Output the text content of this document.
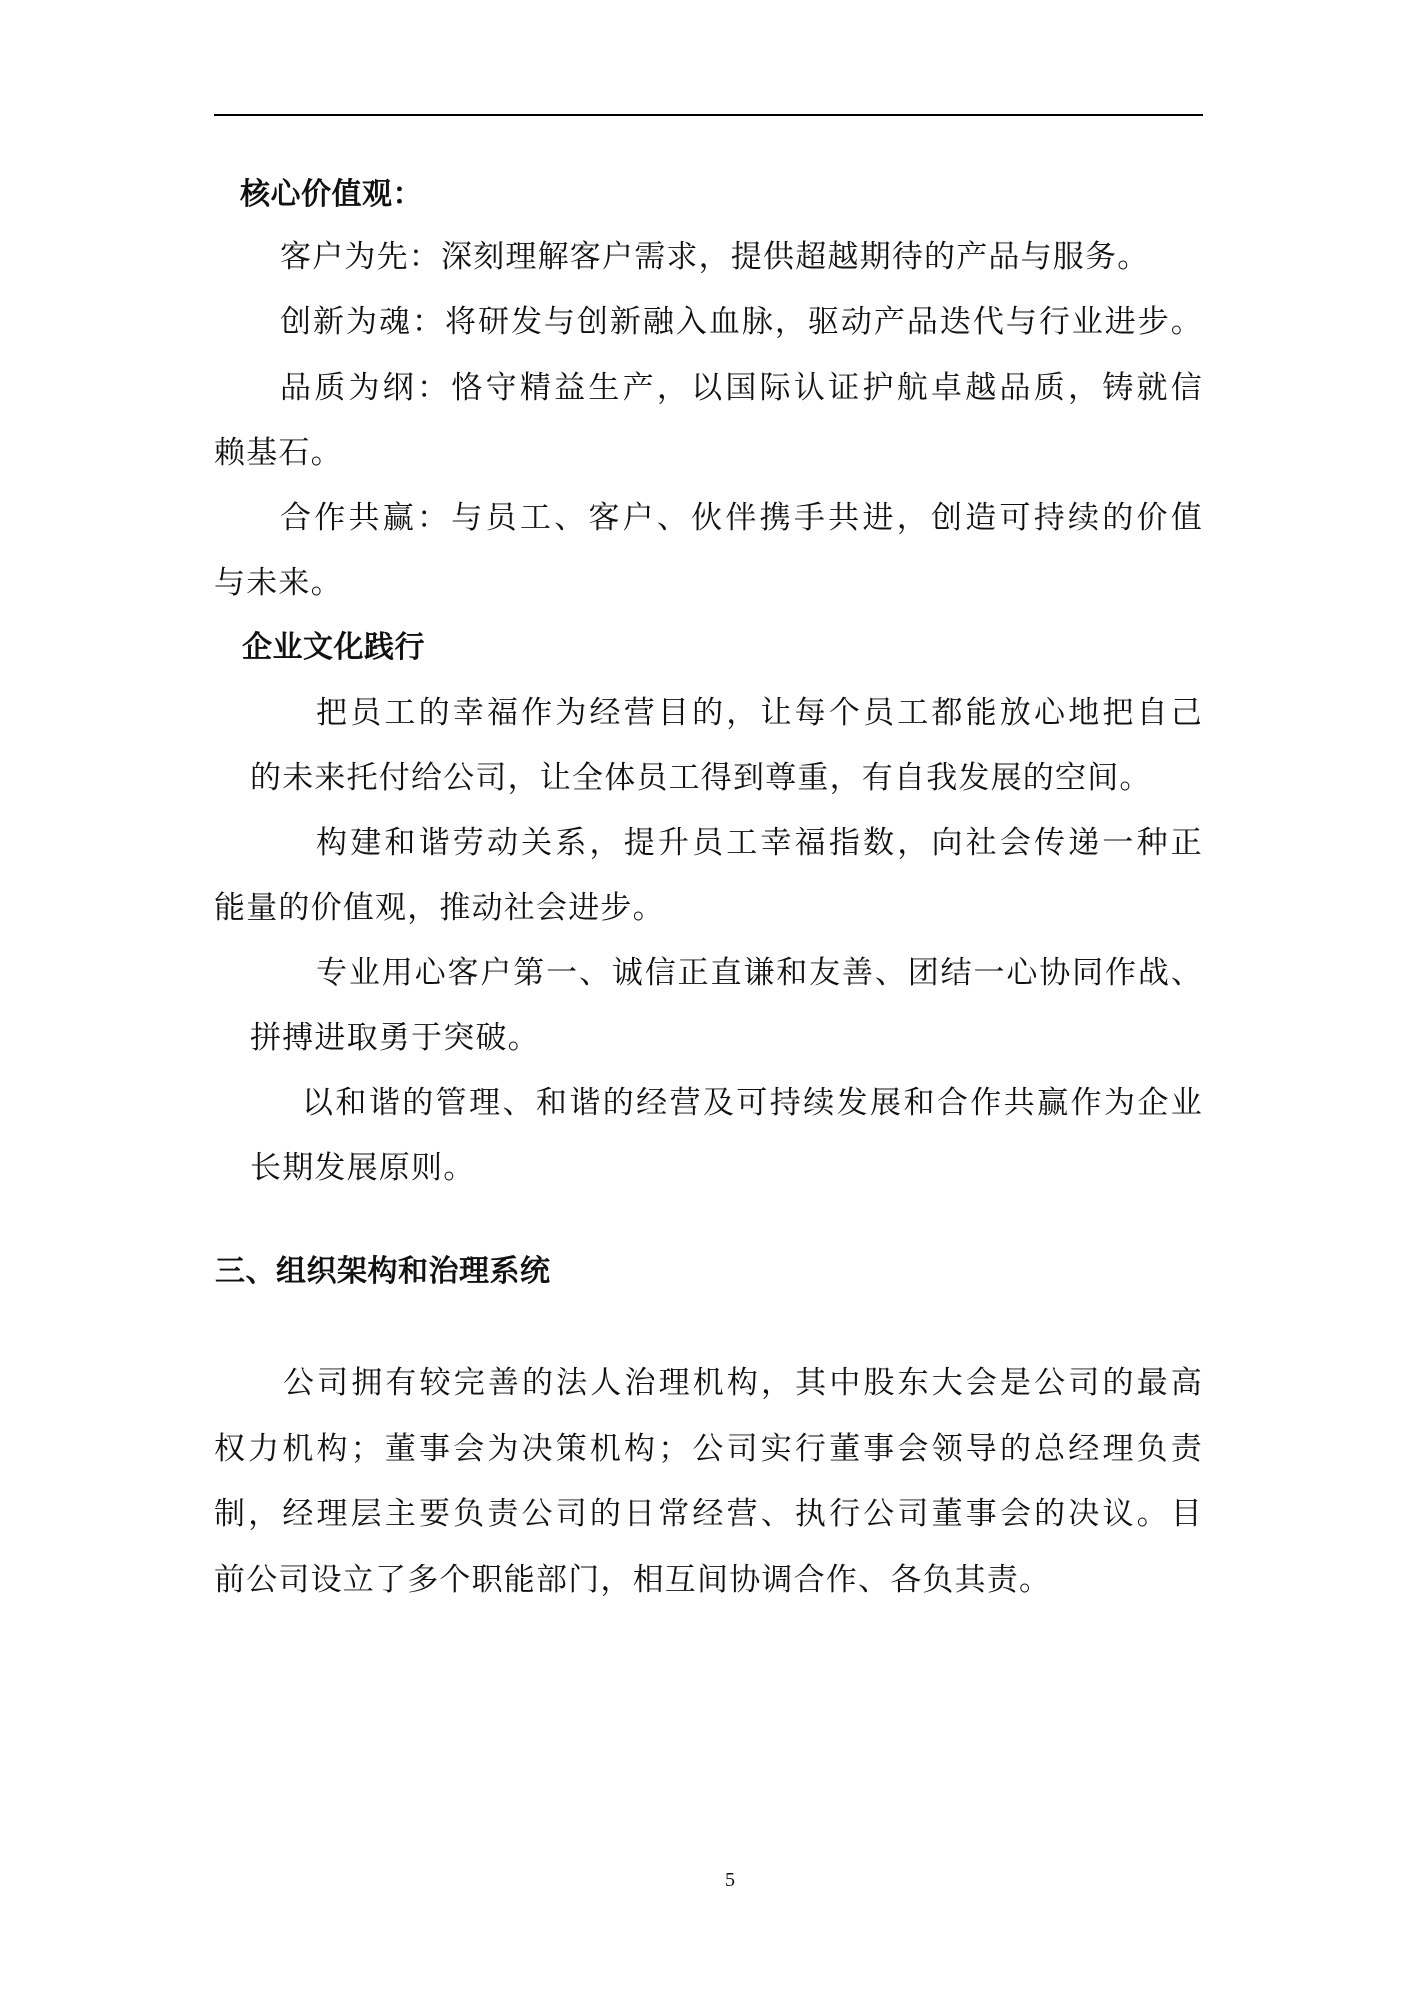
核心价值观：
客户为先：深刻理解客户需求，提供超越期待的产品与服务。
创新为魂：将研发与创新融入血脉，驱动产品迭代与行业进步。
品质为纲：恪守精益生产，以国际认证护航卓越品质，铸就信
赖基石。
合作共赢：与员工、客户、伙伴携手共进，创造可持续的价值
与未来。
企业文化践行
把员工的幸福作为经营目的，让每个员工都能放心地把自己
的未来托付给公司，让全体员工得到尊重，有自我发展的空间。
构建和谐劳动关系，提升员工幸福指数，向社会传递一种正
能量的价值观，推动社会进步。
专业用心客户第一、诚信正直谦和友善、团结一心协同作战、
拼搏进取勇于突破。
以和谐的管理、和谐的经营及可持续发展和合作共赢作为企业
长期发展原则。
三、组织架构和治理系统
公司拥有较完善的法人治理机构，其中股东大会是公司的最高
权力机构；董事会为决策机构；公司实行董事会领导的总经理负责
制，经理层主要负责公司的日常经营、执行公司董事会的决议。目
前公司设立了多个职能部门，相互间协调合作、各负其责。
5
